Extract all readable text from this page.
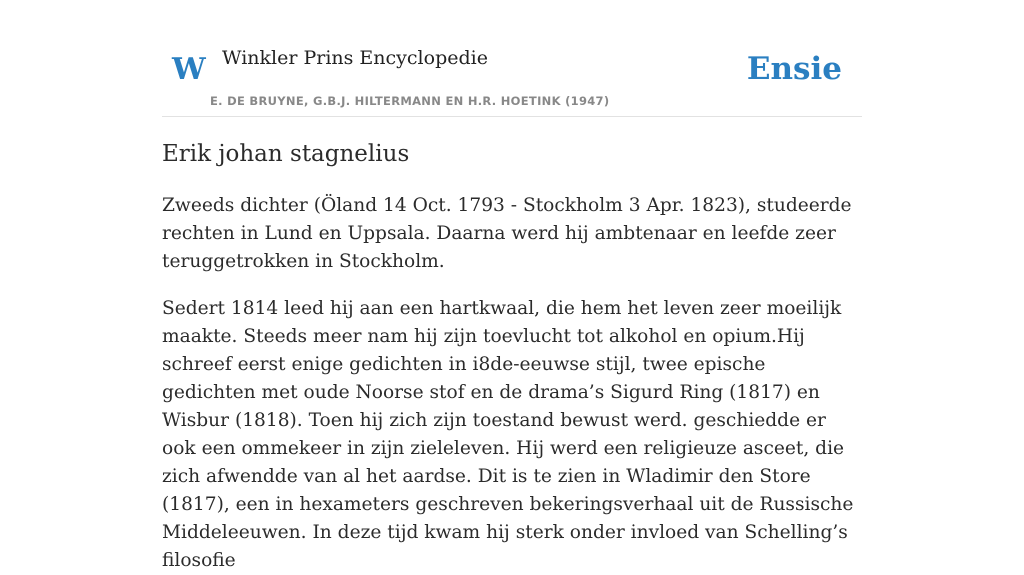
W Winkler Prins Encyclopedie
E. DE BRUYNE, G.B.J. HILTERMANN EN H.R. HOETINK (1947)
Ensie
Erik johan stagnelius

Zweeds dichter (Öland 14 Oct. 1793 - Stockholm 3 Apr. 1823), studeerde rechten in Lund en Uppsala. Daarna werd hij ambtenaar en leefde zeer teruggetrokken in Stockholm.

Sedert 1814 leed hij aan een hartkwaal, die hem het leven zeer moeilijk maakte. Steeds meer nam hij zijn toevlucht tot alkohol en opium.Hij schreef eerst enige gedichten in i8de-eeuwse stijl, twee epische gedichten met oude Noorse stof en de drama’s Sigurd Ring (1817) en Wisbur (1818). Toen hij zich zijn toestand bewust werd. geschiedde er ook een ommekeer in zijn zieleleven. Hij werd een religieuze asceet, die zich afwendde van al het aardse. Dit is te zien in Wladimir den Store (1817), een in hexameters geschreven bekeringsverhaal uit de Russische Middeleeuwen. In deze tijd kwam hij sterk onder invloed van Schelling’s filosofie
